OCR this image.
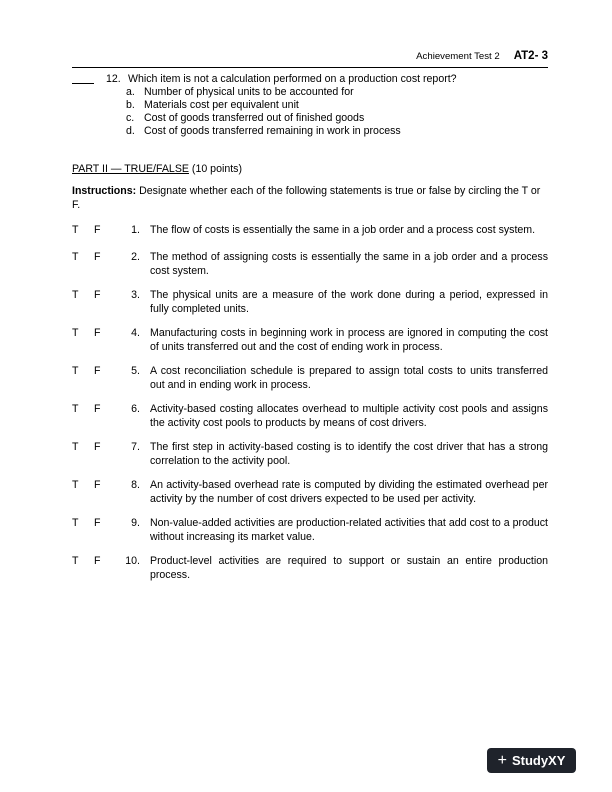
Achievement Test 2 AT2- 3
12. Which item is not a calculation performed on a production cost report?
a. Number of physical units to be accounted for
b. Materials cost per equivalent unit
c. Cost of goods transferred out of finished goods
d. Cost of goods transferred remaining in work in process
PART II — TRUE/FALSE (10 points)
Instructions: Designate whether each of the following statements is true or false by circling the T or F.
T	F	1. The flow of costs is essentially the same in a job order and a process cost system.
T	F	2. The method of assigning costs is essentially the same in a job order and a process cost system.
T	F	3. The physical units are a measure of the work done during a period, expressed in fully completed units.
T	F	4. Manufacturing costs in beginning work in process are ignored in computing the cost of units transferred out and the cost of ending work in process.
T	F	5. A cost reconciliation schedule is prepared to assign total costs to units transferred out and in ending work in process.
T	F	6. Activity-based costing allocates overhead to multiple activity cost pools and assigns the activity cost pools to products by means of cost drivers.
T	F	7. The first step in activity-based costing is to identify the cost driver that has a strong correlation to the activity pool.
T	F	8. An activity-based overhead rate is computed by dividing the estimated overhead per activity by the number of cost drivers expected to be used per activity.
T	F	9. Non-value-added activities are production-related activities that add cost to a product without increasing its market value.
T	F	10. Product-level activities are required to support or sustain an entire production process.
+ StudyXY
